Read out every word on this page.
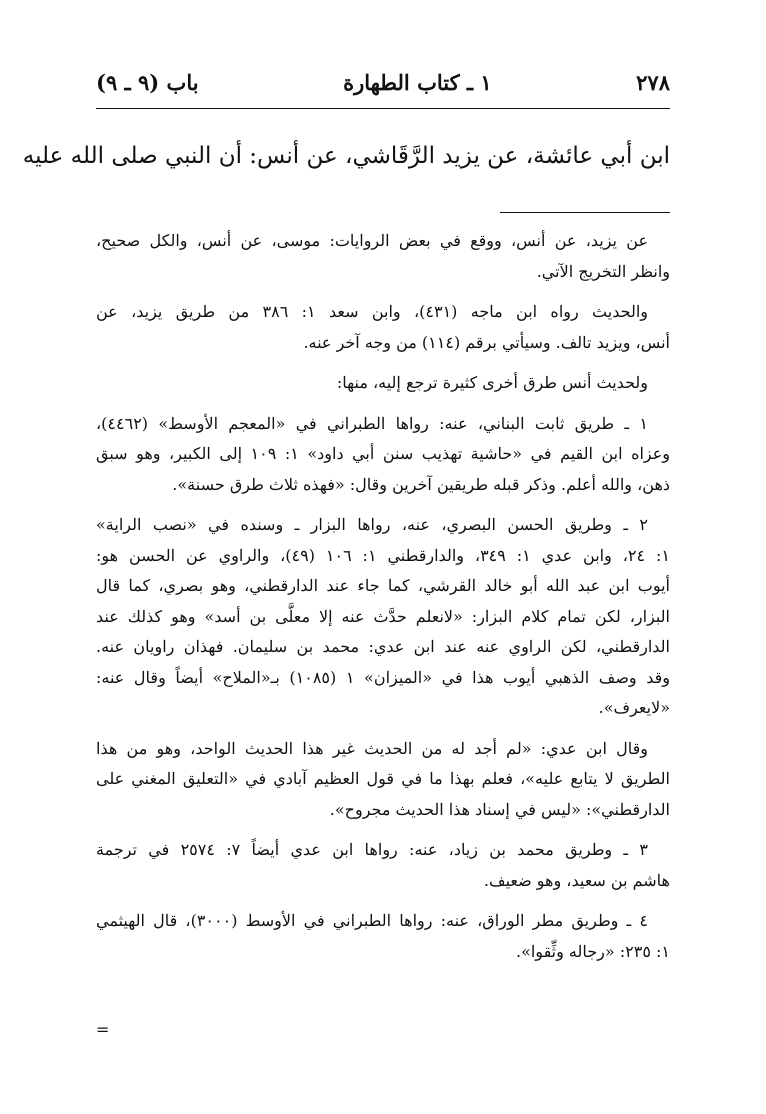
٢٧٨
١ ـ كتاب الطهارة
باب (٩ ـ ٩)
ابن أبي عائشة، عن يزيد الرَّقَاشي، عن أنس: أن النبي صلى الله عليه
عن يزيد، عن أنس، ووقع في بعض الروايات: موسى، عن أنس، والكل صحيح،
وانظر التخريج الآتي.
والحديث رواه ابن ماجه (٤٣١)، وابن سعد ١: ٣٨٦ من طريق يزيد، عن
أنس، ويزيد تالف. وسيأتي برقم (١١٤) من وجه آخر عنه.
ولحديث أنس طرق أخرى كثيرة ترجع إليه، منها:
١ ـ طريق ثابت البناني، عنه: رواها الطبراني في «المعجم الأوسط» (٤٤٦٢)،
وعزاه ابن القيم في «حاشية تهذيب سنن أبي داود» ١: ١٠٩ إلى الكبير، وهو سبق
ذهن، والله أعلم. وذكر قبله طريقين آخرين وقال: «فهذه ثلاث طرق حسنة».
٢ ـ وطريق الحسن البصري، عنه، رواها البزار ـ وسنده في «نصب الراية»
١: ٢٤، وابن عدي ١: ٣٤٩، والدارقطني ١: ١٠٦ (٤٩)، والراوي عن الحسن هو:
أيوب ابن عبد الله أبو خالد القرشي، كما جاء عند الدارقطني، وهو بصري، كما قال
البزار، لكن تمام كلام البزار: «لانعلم حدَّث عنه إلا معلَّى بن أسد» وهو كذلك عند
الدارقطني، لكن الراوي عنه عند ابن عدي: محمد بن سليمان. فهذان راويان عنه.
وقد وصف الذهبي أيوب هذا في «الميزان» ١ (١٠٨٥) بـ«الملاح» أيضاً وقال عنه:
«لايعرف».
وقال ابن عدي: «لم أجد له من الحديث غير هذا الحديث الواحد، وهو من هذا
الطريق لا يتابع عليه»، فعلم بهذا ما في قول العظيم آبادي في «التعليق المغني على
الدارقطني»: «ليس في إسناد هذا الحديث مجروح».
٣ ـ وطريق محمد بن زياد، عنه: رواها ابن عدي أيضاً ٧: ٢٥٧٤ في ترجمة
هاشم بن سعيد، وهو ضعيف.
٤ ـ وطريق مطر الوراق، عنه: رواها الطبراني في الأوسط (٣٠٠٠)، قال الهيثمي
١: ٢٣٥: «رجاله وثِّقوا».
=
